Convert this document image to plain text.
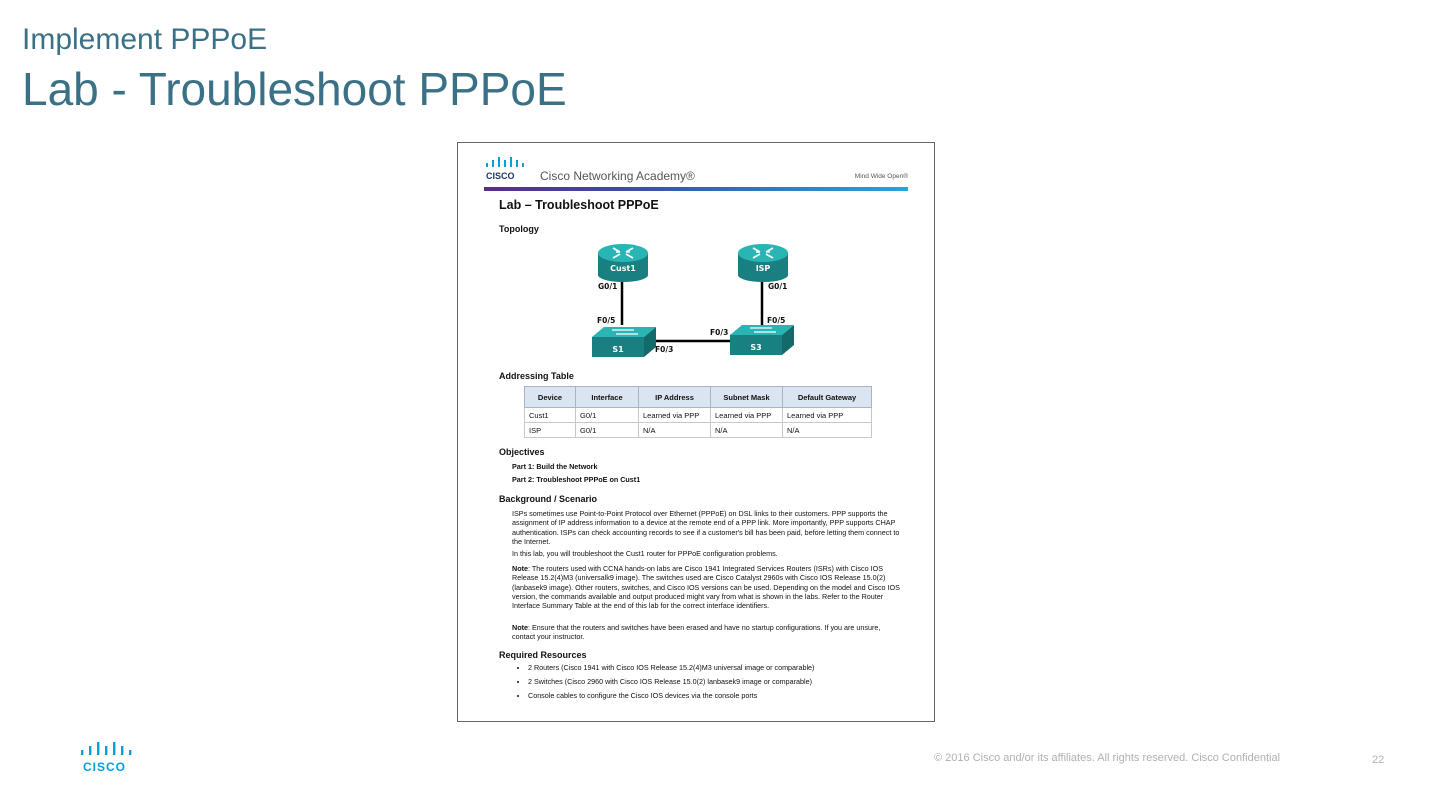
Implement PPPoE
Lab - Troubleshoot PPPoE
CISCO Cisco Networking Academy®	Mind Wide Open®
Lab – Troubleshoot PPPoE
Topology
Cust1	ISP
S1	S3
G0/1	G0/1
F0/5	F0/5
F0/3
F0/3
Addressing Table
Device	Interface	IP Address	Subnet Mask	Default Gateway
Cust1	G0/1	Learned via PPP	Learned via PPP	Learned via PPP
ISP	G0/1	N/A	N/A	N/A
Objectives
Part 1: Build the Network
Part 2: Troubleshoot PPPoE on Cust1
Background / Scenario
ISPs sometimes use Point-to-Point Protocol over Ethernet (PPPoE) on DSL links to their customers. PPP supports the assignment of IP address information to a device at the remote end of a PPP link. More importantly, PPP supports CHAP authentication. ISPs can check accounting records to see if a customer's bill has been paid, before letting them connect to the Internet.
In this lab, you will troubleshoot the Cust1 router for PPPoE configuration problems.
Note: The routers used with CCNA hands-on labs are Cisco 1941 Integrated Services Routers (ISRs) with Cisco IOS Release 15.2(4)M3 (universalk9 image). The switches used are Cisco Catalyst 2960s with Cisco IOS Release 15.0(2) (lanbasek9 image). Other routers, switches, and Cisco IOS versions can be used. Depending on the model and Cisco IOS version, the commands available and output produced might vary from what is shown in the labs. Refer to the Router Interface Summary Table at the end of this lab for the correct interface identifiers.
Note: Ensure that the routers and switches have been erased and have no startup configurations. If you are unsure, contact your instructor.
Required Resources
• 2 Routers (Cisco 1941 with Cisco IOS Release 15.2(4)M3 universal image or comparable)
• 2 Switches (Cisco 2960 with Cisco IOS Release 15.0(2) lanbasek9 image or comparable)
• Console cables to configure the Cisco IOS devices via the console ports
CISCO
© 2016 Cisco and/or its affiliates. All rights reserved. Cisco Confidential	22
